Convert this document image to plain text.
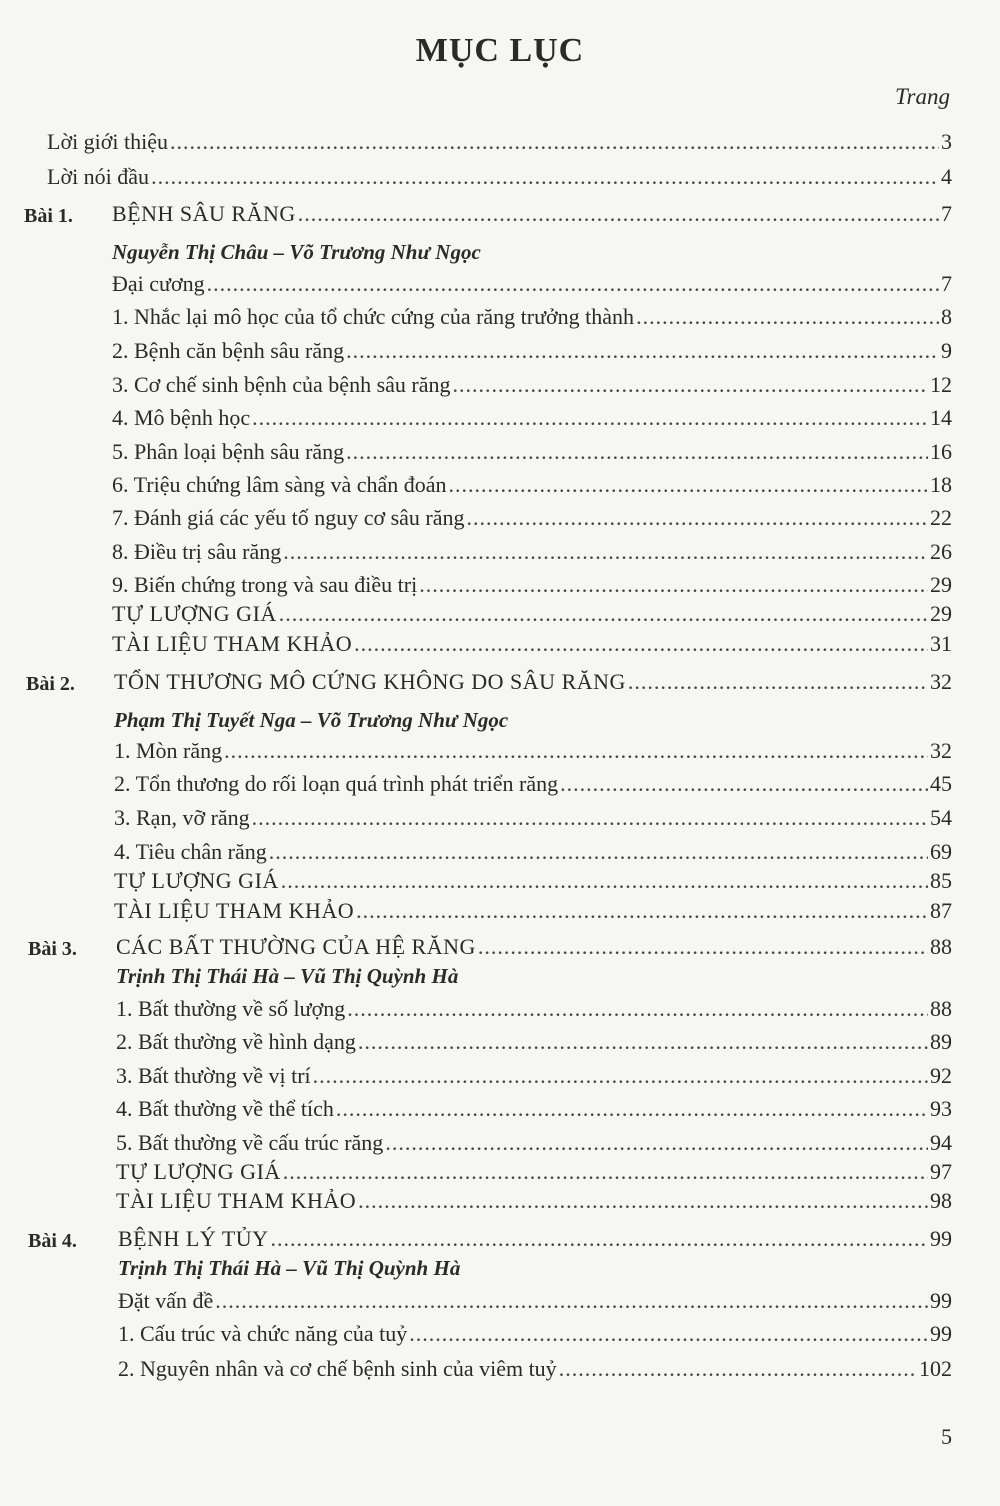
MỤC LỤC
Trang
Lời giới thiệu .....	3
Lời nói đầu .....	4
Bài 1. BỆNH SÂU RĂNG .....	7
Nguyễn Thị Châu – Võ Trương Như Ngọc
Đại cương .....	7
1. Nhắc lại mô học của tổ chức cứng của răng trưởng thành .....	8
2. Bệnh căn bệnh sâu răng .....	9
3. Cơ chế sinh bệnh của bệnh sâu răng .....	12
4. Mô bệnh học .....	14
5. Phân loại bệnh sâu răng .....	16
6. Triệu chứng lâm sàng và chẩn đoán .....	18
7. Đánh giá các yếu tố nguy cơ sâu răng .....	22
8. Điều trị sâu răng .....	26
9. Biến chứng trong và sau điều trị .....	29
TỰ LƯỢNG GIÁ .....	29
TÀI LIỆU THAM KHẢO .....	31
Bài 2. TỔN THƯƠNG MÔ CỨNG KHÔNG DO SÂU RĂNG .....	32
Phạm Thị Tuyết Nga – Võ Trương Như Ngọc
1. Mòn răng .....	32
2. Tổn thương do rối loạn quá trình phát triển răng .....	45
3. Rạn, vỡ răng .....	54
4. Tiêu chân răng .....	69
TỰ LƯỢNG GIÁ .....	85
TÀI LIỆU THAM KHẢO .....	87
Bài 3. CÁC BẤT THƯỜNG CỦA HỆ RĂNG .....	88
Trịnh Thị Thái Hà – Vũ Thị Quỳnh Hà
1. Bất thường về số lượng .....	88
2. Bất thường về hình dạng .....	89
3. Bất thường về vị trí .....	92
4. Bất thường về thể tích .....	93
5. Bất thường về cấu trúc răng .....	94
TỰ LƯỢNG GIÁ .....	97
TÀI LIỆU THAM KHẢO .....	98
Bài 4. BỆNH LÝ TỦY .....	99
Trịnh Thị Thái Hà – Vũ Thị Quỳnh Hà
Đặt vấn đề .....	99
1. Cấu trúc và chức năng của tuỷ .....	99
2. Nguyên nhân và cơ chế bệnh sinh của viêm tuỷ .....	102
5
